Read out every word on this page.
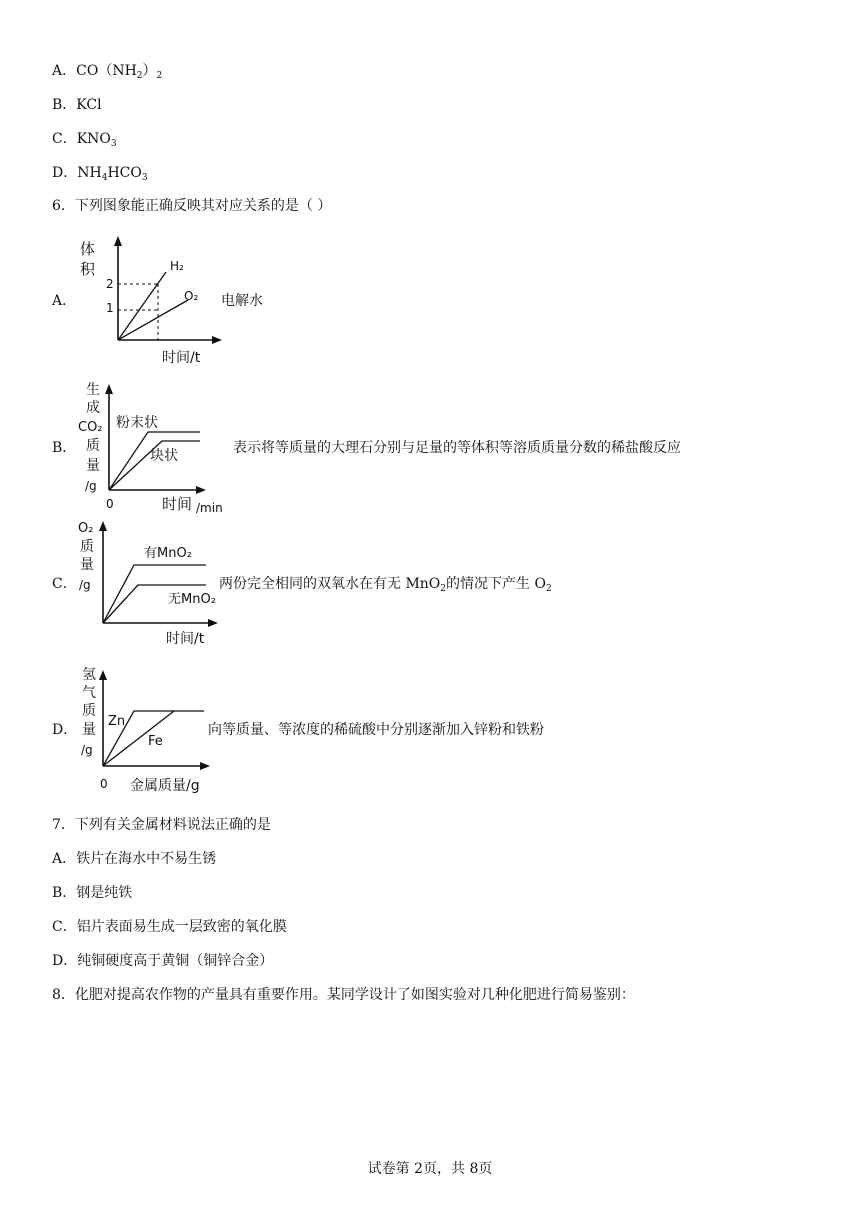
A．$CO(NH_2)_2$
B．KCl
C．$KNO_3$
D．$NH_4HCO_3$
6．下列图象能正确反映其对应关系的是（ ）
A．
体
积
2
1
H₂
O₂
时间/t
电解水
B．
生
成
CO₂
质
量
/g
0
粉末状
块状
时间 /min
表示将等质量的大理石分别与足量的等体积等溶质质量分数的稀盐酸反应
C．
O₂
质
量
/g
有MnO₂
无MnO₂
时间/t
两份完全相同的双氧水在有无 MnO$_2$的情况下产生 $O_2$
D．
氢
气
质
量
/g
0
Zn
Fe
金属质量/g
向等质量、等浓度的稀硫酸中分别逐渐加入锌粉和铁粉
7．下列有关金属材料说法正确的是
A．铁片在海水中不易生锈
B．钢是纯铁
C．铝片表面易生成一层致密的氧化膜
D．纯铜硬度高于黄铜（铜锌合金）
8．化肥对提高农作物的产量具有重要作用。某同学设计了如图实验对几种化肥进行简易鉴别：
试卷第 2页，共 8页
